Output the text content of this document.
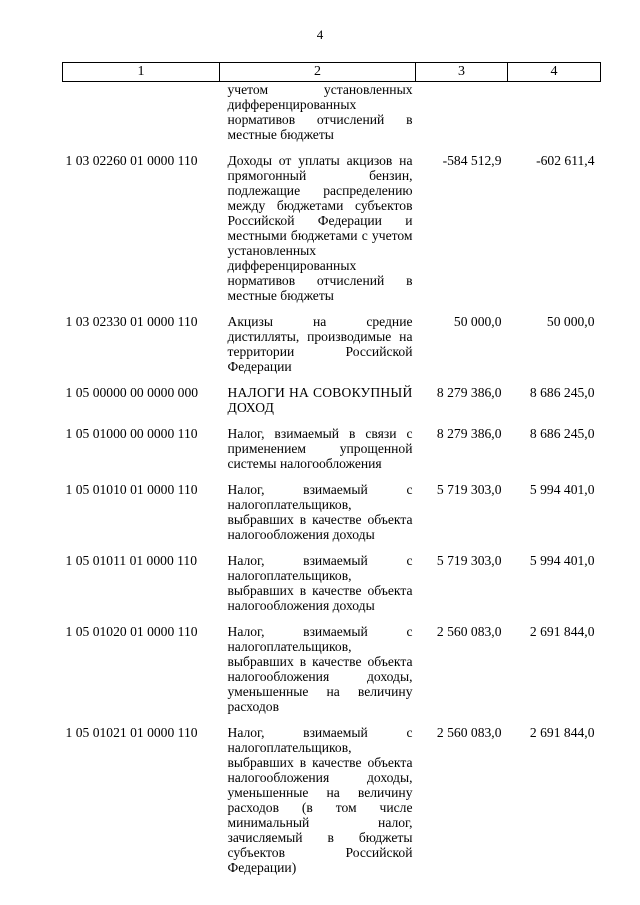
4
1	2	3	4
	учетом установленных дифференцированных нормативов отчислений в местные бюджеты		

1 03 02260 01 0000 110	Доходы от уплаты акцизов на прямогонный бензин, подлежащие распределению между бюджетами субъектов Российской Федерации и местными бюджетами с учетом установленных дифференцированных нормативов отчислений в местные бюджеты	-584 512,9	-602 611,4

1 03 02330 01 0000 110	Акцизы на средние дистилляты, производимые на территории Российской Федерации	50 000,0	50 000,0

1 05 00000 00 0000 000	НАЛОГИ НА СОВОКУПНЫЙ ДОХОД	8 279 386,0	8 686 245,0

1 05 01000 00 0000 110	Налог, взимаемый в связи с применением упрощенной системы налогообложения	8 279 386,0	8 686 245,0

1 05 01010 01 0000 110	Налог, взимаемый с налогоплательщиков, выбравших в качестве объекта налогообложения доходы	5 719 303,0	5 994 401,0

1 05 01011 01 0000 110	Налог, взимаемый с налогоплательщиков, выбравших в качестве объекта налогообложения доходы	5 719 303,0	5 994 401,0

1 05 01020 01 0000 110	Налог, взимаемый с налогоплательщиков, выбравших в качестве объекта налогообложения доходы, уменьшенные на величину расходов	2 560 083,0	2 691 844,0

1 05 01021 01 0000 110	Налог, взимаемый с налогоплательщиков, выбравших в качестве объекта налогообложения доходы, уменьшенные на величину расходов (в том числе минимальный налог, зачисляемый в бюджеты субъектов Российской Федерации)	2 560 083,0	2 691 844,0
